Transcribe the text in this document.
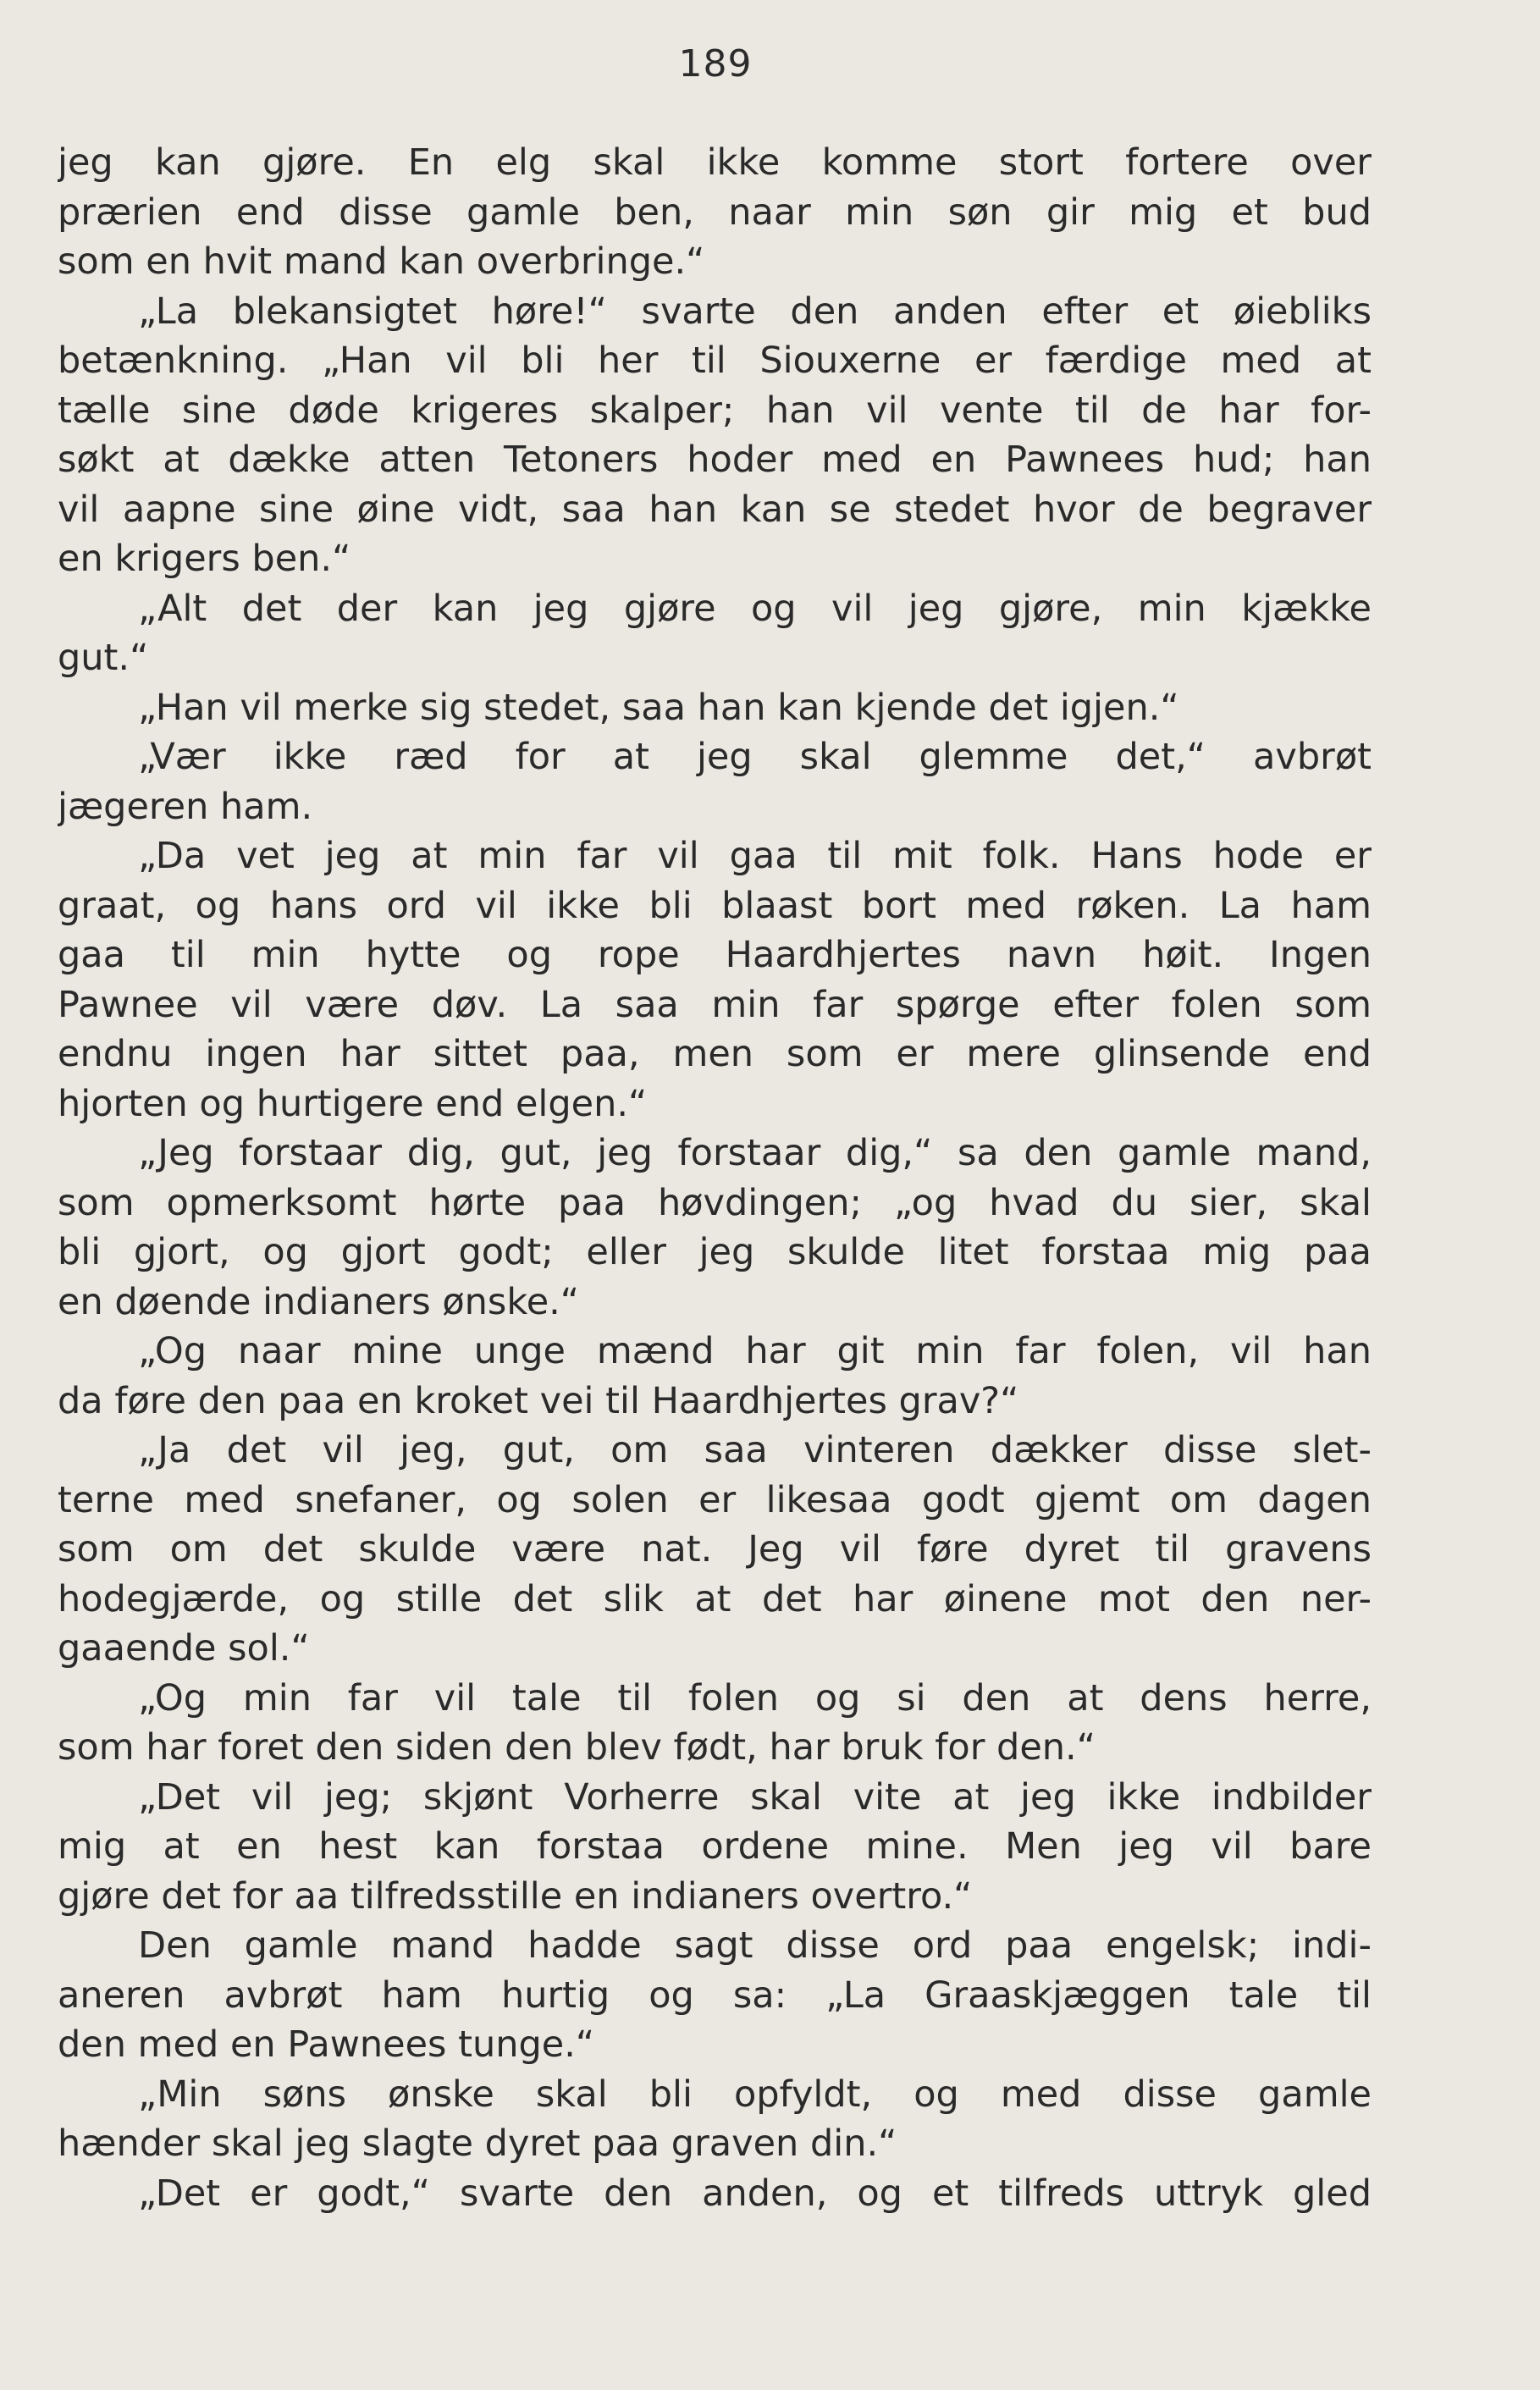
189
jeg kan gjøre. En elg skal ikke komme stort fortere over
prærien end disse gamle ben, naar min søn gir mig et bud
som en hvit mand kan overbringe.“
„La blekansigtet høre!“ svarte den anden efter et øiebliks
betænkning. „Han vil bli her til Siouxerne er færdige med at
tælle sine døde krigeres skalper; han vil vente til de har for-
søkt at dække atten Tetoners hoder med en Pawnees hud; han
vil aapne sine øine vidt, saa han kan se stedet hvor de begraver
en krigers ben.“
„Alt det der kan jeg gjøre og vil jeg gjøre, min kjække
gut.“
„Han vil merke sig stedet, saa han kan kjende det igjen.“
„Vær ikke ræd for at jeg skal glemme det,“ avbrøt
jægeren ham.
„Da vet jeg at min far vil gaa til mit folk. Hans hode er
graat, og hans ord vil ikke bli blaast bort med røken. La ham
gaa til min hytte og rope Haardhjertes navn høit. Ingen
Pawnee vil være døv. La saa min far spørge efter folen som
endnu ingen har sittet paa, men som er mere glinsende end
hjorten og hurtigere end elgen.“
„Jeg forstaar dig, gut, jeg forstaar dig,“ sa den gamle mand,
som opmerksomt hørte paa høvdingen; „og hvad du sier, skal
bli gjort, og gjort godt; eller jeg skulde litet forstaa mig paa
en døende indianers ønske.“
„Og naar mine unge mænd har git min far folen, vil han
da føre den paa en kroket vei til Haardhjertes grav?“
„Ja det vil jeg, gut, om saa vinteren dækker disse slet-
terne med snefaner, og solen er likesaa godt gjemt om dagen
som om det skulde være nat. Jeg vil føre dyret til gravens
hodegjærde, og stille det slik at det har øinene mot den ner-
gaaende sol.“
„Og min far vil tale til folen og si den at dens herre,
som har foret den siden den blev født, har bruk for den.“
„Det vil jeg; skjønt Vorherre skal vite at jeg ikke indbilder
mig at en hest kan forstaa ordene mine. Men jeg vil bare
gjøre det for aa tilfredsstille en indianers overtro.“
Den gamle mand hadde sagt disse ord paa engelsk; indi-
aneren avbrøt ham hurtig og sa: „La Graaskjæggen tale til
den med en Pawnees tunge.“
„Min søns ønske skal bli opfyldt, og med disse gamle
hænder skal jeg slagte dyret paa graven din.“
„Det er godt,“ svarte den anden, og et tilfreds uttryk gled
